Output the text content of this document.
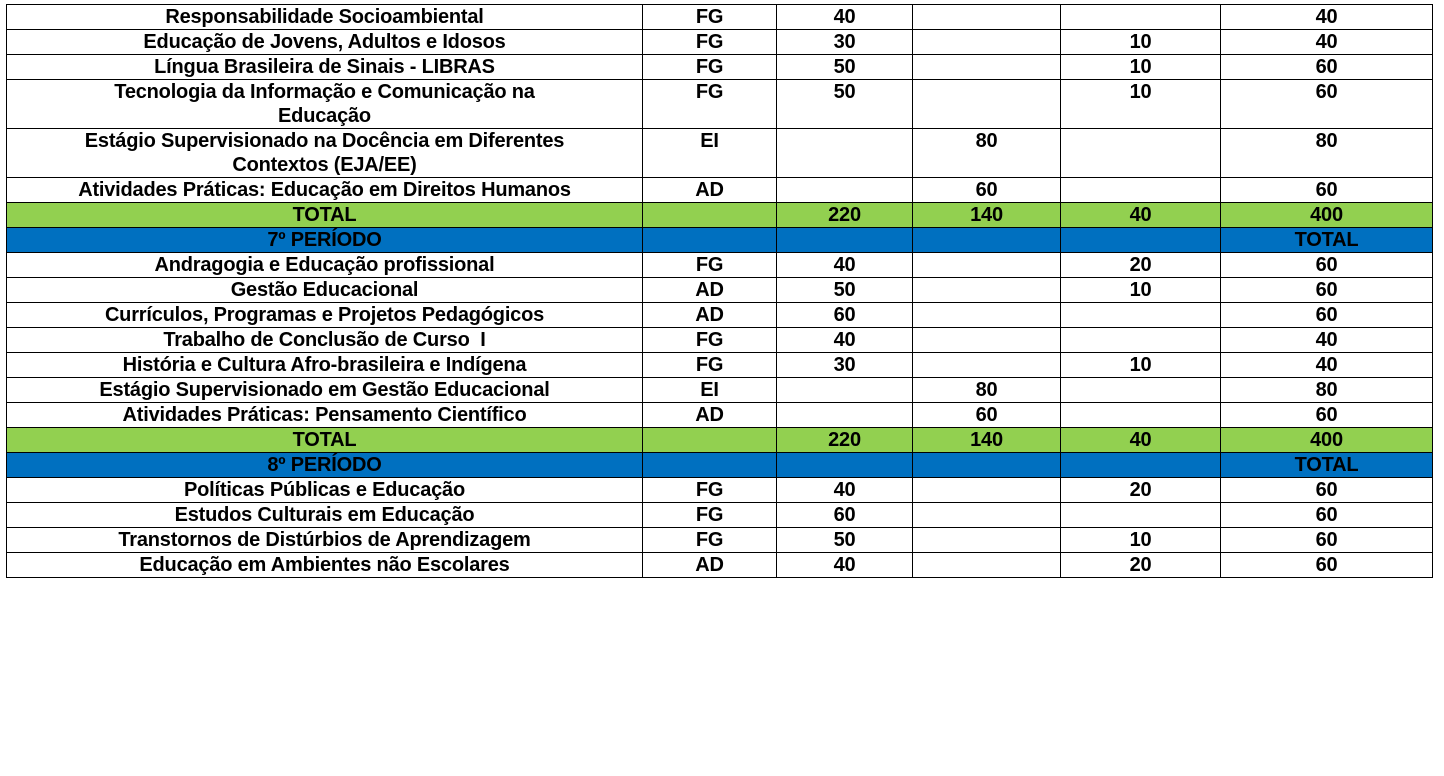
Responsabilidade Socioambiental	FG	40			40
Educação de Jovens, Adultos e Idosos	FG	30		10	40
Língua Brasileira de Sinais - LIBRAS	FG	50		10	60
Tecnologia da Informação e Comunicação na Educação	FG	50		10	60
Estágio Supervisionado na Docência em Diferentes Contextos (EJA/EE)	EI		80		80
Atividades Práticas: Educação em Direitos Humanos	AD		60		60
TOTAL		220	140	40	400
7º PERÍODO					TOTAL
Andragogia e Educação profissional	FG	40		20	60
Gestão Educacional	AD	50		10	60
Currículos, Programas e Projetos Pedagógicos	AD	60			60
Trabalho de Conclusão de Curso  I	FG	40			40
História e Cultura Afro-brasileira e Indígena	FG	30		10	40
Estágio Supervisionado em Gestão Educacional	EI		80		80
Atividades Práticas: Pensamento Científico	AD		60		60
TOTAL		220	140	40	400
8º PERÍODO					TOTAL
Políticas Públicas e Educação	FG	40		20	60
Estudos Culturais em Educação	FG	60			60
Transtornos de Distúrbios de Aprendizagem	FG	50		10	60
Educação em Ambientes não Escolares	AD	40		20	60
